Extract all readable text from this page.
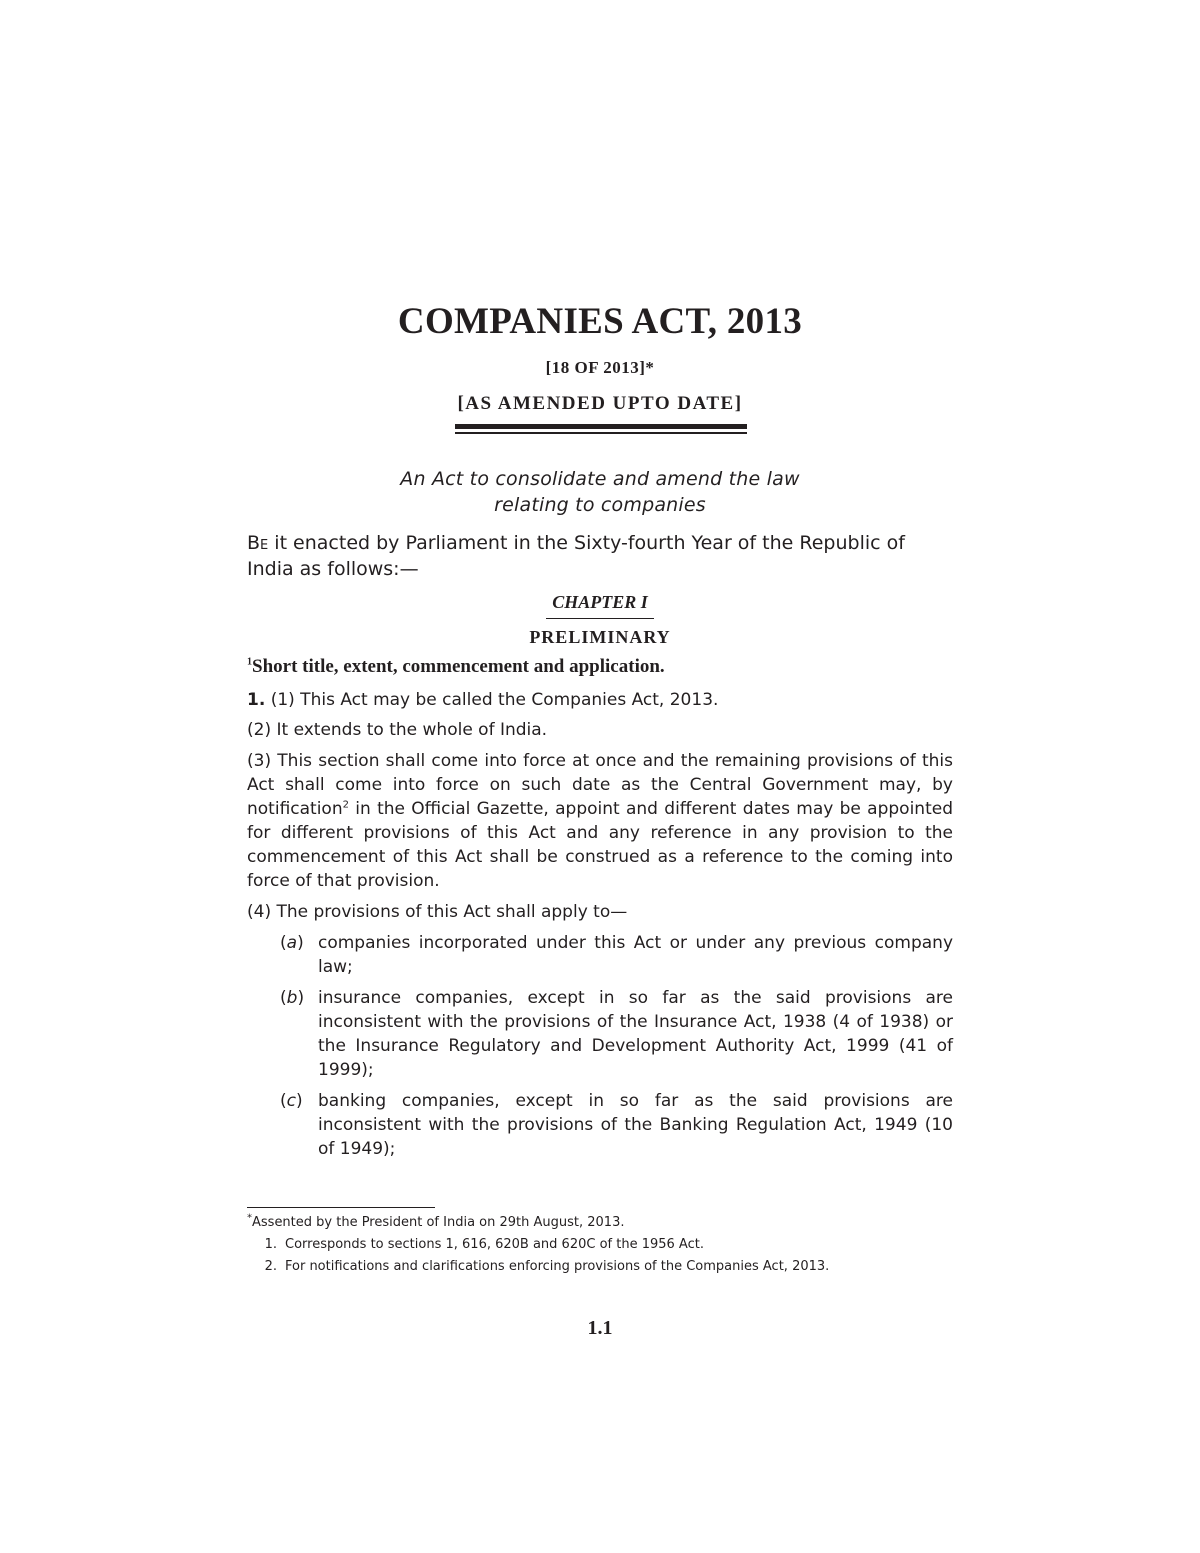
COMPANIES ACT, 2013
[18 OF 2013]*
[AS AMENDED UPTO DATE]
An Act to consolidate and amend the law
relating to companies
Be it enacted by Parliament in the Sixty-fourth Year of the Republic of India as follows:—
CHAPTER I
PRELIMINARY
$^1$Short title, extent, commencement and application.
1. (1) This Act may be called the Companies Act, 2013.
(2) It extends to the whole of India.
(3) This section shall come into force at once and the remaining provisions of this Act shall come into force on such date as the Central Government may, by notification$^2$ in the Official Gazette, appoint and different dates may be appointed for different provisions of this Act and any reference in any provision to the commencement of this Act shall be construed as a reference to the coming into force of that provision.
(4) The provisions of this Act shall apply to—
(a) companies incorporated under this Act or under any previous company law;
(b) insurance companies, except in so far as the said provisions are inconsistent with the provisions of the Insurance Act, 1938 (4 of 1938) or the Insurance Regulatory and Development Authority Act, 1999 (41 of 1999);
(c) banking companies, except in so far as the said provisions are inconsistent with the provisions of the Banking Regulation Act, 1949 (10 of 1949);
*Assented by the President of India on 29th August, 2013.
1. Corresponds to sections 1, 616, 620B and 620C of the 1956 Act.
2. For notifications and clarifications enforcing provisions of the Companies Act, 2013.
1.1
